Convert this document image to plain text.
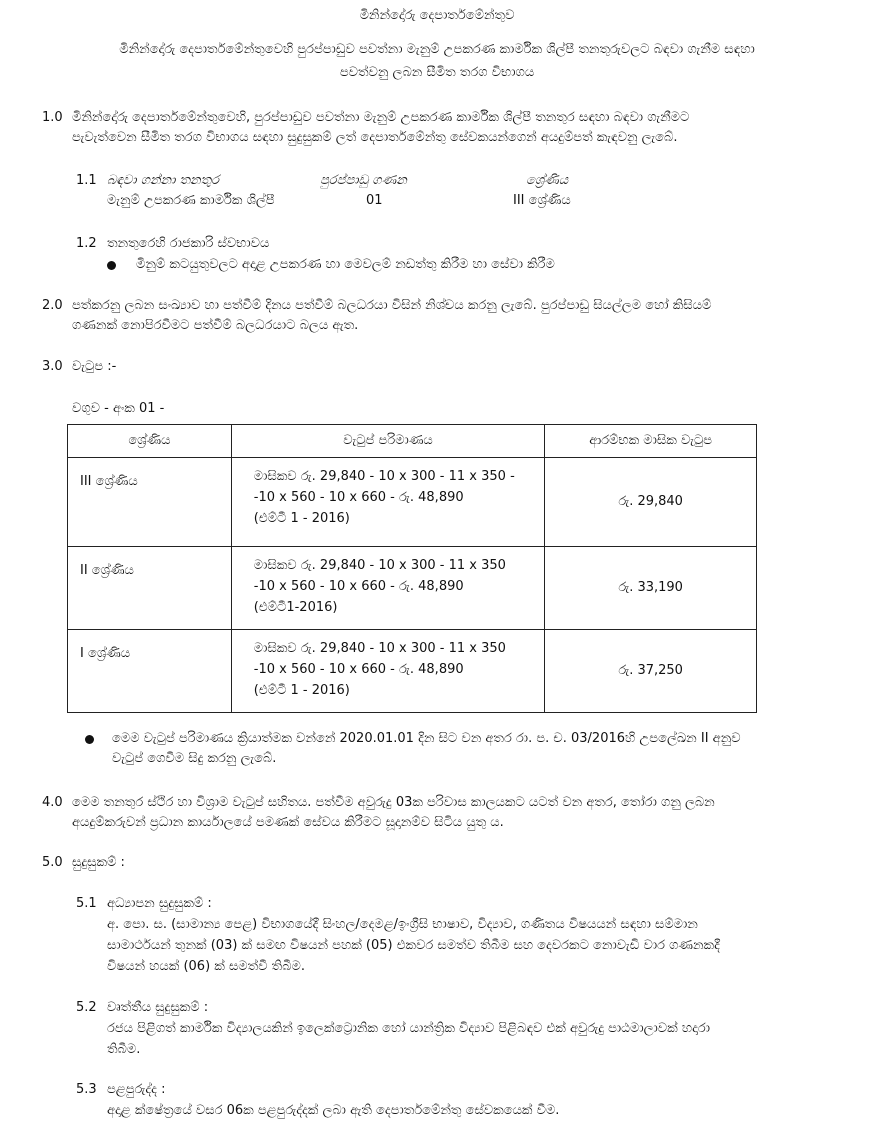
මිනින්දෝරු දෙපාර්තමේන්තුව
මිනින්දෝරු දෙපාර්තමේන්තුවෙහි පුරප්පාඩුව පවත්නා මැනුම් උපකරණ කාර්මික ශිල්පී තනතුරුවලට බඳවා ගැනීම සඳහා
පවත්වනු ලබන සීමිත තරග විභාගය
1.0 මිනින්දෝරු දෙපාර්තමේන්තුවෙහි, පුරප්පාඩුව පවත්නා මැනුම් උපකරණ කාර්මික ශිල්පී තනතුර සඳහා බඳවා ගැනීමට
පැවැත්වෙන සීමිත තරග විභාගය සඳහා සුදුසුකම් ලත් දෙපාර්තමේන්තු සේවකයන්ගෙන් අයදුම්පත් කැඳවනු ලැබේ.
1.1 බඳවා ගන්නා තනතුර	පුරප්පාඩු ගණන	ශ්‍රේණිය
මැනුම් උපකරණ කාර්මික ශිල්පී	01	III ශ්‍රේණිය
1.2 තනතුරෙහි රාජකාරි ස්වභාවය
මිනුම් කටයුතුවලට අදාළ උපකරණ හා මෙවලම් නඩත්තු කිරීම හා සේවා කිරීම
2.0 පත්කරනු ලබන සංඛ්‍යාව හා පත්වීම් දිනය පත්වීම් බලධරයා විසින් නිශ්චය කරනු ලැබේ. පුරප්පාඩු සියල්ලම හෝ කිසියම්
ගණනක් නොපිරවීමට පත්වීම් බලධරයාට බලය ඇත.
3.0 වැටුප :-
වගුව - අංක 01 -
ශ්‍රේණිය	වැටුප් පරිමාණය	ආරම්භක මාසික වැටුප
III ශ්‍රේණිය	මාසිකව රු. 29,840 - 10 x 300 - 11 x 350 -
-10 x 560 - 10 x 660 - රු. 48,890
(එම්ටී 1 - 2016)	රු. 29,840
II ශ්‍රේණිය	මාසිකව රු. 29,840 - 10 x 300 - 11 x 350
-10 x 560 - 10 x 660 - රු. 48,890
(එම්ටී1-2016)	රු. 33,190
I ශ්‍රේණිය	මාසිකව රු. 29,840 - 10 x 300 - 11 x 350
-10 x 560 - 10 x 660 - රු. 48,890
(එම්ටී 1 - 2016)	රු. 37,250
මෙම වැටුප් පරිමාණය ක්‍රියාත්මක වන්නේ 2020.01.01 දින සිට වන අතර රා. ප. ච. 03/2016හි උපලේඛන II අනුව
වැටුප් ගෙවීම සිදු කරනු ලැබේ.
4.0 මෙම තනතුර ස්ථිර හා විශ්‍රාම වැටුප් සහිතය. පත්වීම අවුරුදු 03ක පරිවාස කාලයකට යටත් වන අතර, තෝරා ගනු ලබන
අයදුම්කරුවන් ප්‍රධාන කාර්යාලයේ පමණක් සේවය කිරීමට සූදානම්ව සිටිය යුතු ය.
5.0 සුදුසුකම් :
5.1 අධ්‍යාපන සුදුසුකම් :
අ. පො. ස. (සාමාන්‍ය පෙළ) විභාගයේදී සිංහල/දෙමළ/ඉංග්‍රීසි භාෂාව, විද්‍යාව, ගණිතය විෂයයන් සඳහා සම්මාන
සාමාර්ථයන් තුනක් (03) ක් සමඟ විෂයන් පහක් (05) එකවර සමත්ව තිබීම සහ දෙවරකට නොවැඩි වාර ගණනකදී
විෂයන් හයක් (06) ක් සමත්වී තිබීම.
5.2 වෘත්තීය සුදුසුකම් :
රජය පිළිගත් කාර්මික විද්‍යාලයකින් ඉලෙක්ට්‍රොනික හෝ යාන්ත්‍රික විද්‍යාව පිළිබඳව එක් අවුරුදු පාඨමාලාවක් හදාරා
තිබීම.
5.3 පළපුරුද්ද :
අදාළ ක්ෂේත්‍රයේ වසර 06ක පළපුරුද්දක් ලබා ඇති දෙපාර්තමේන්තු සේවකයෙක් වීම.
